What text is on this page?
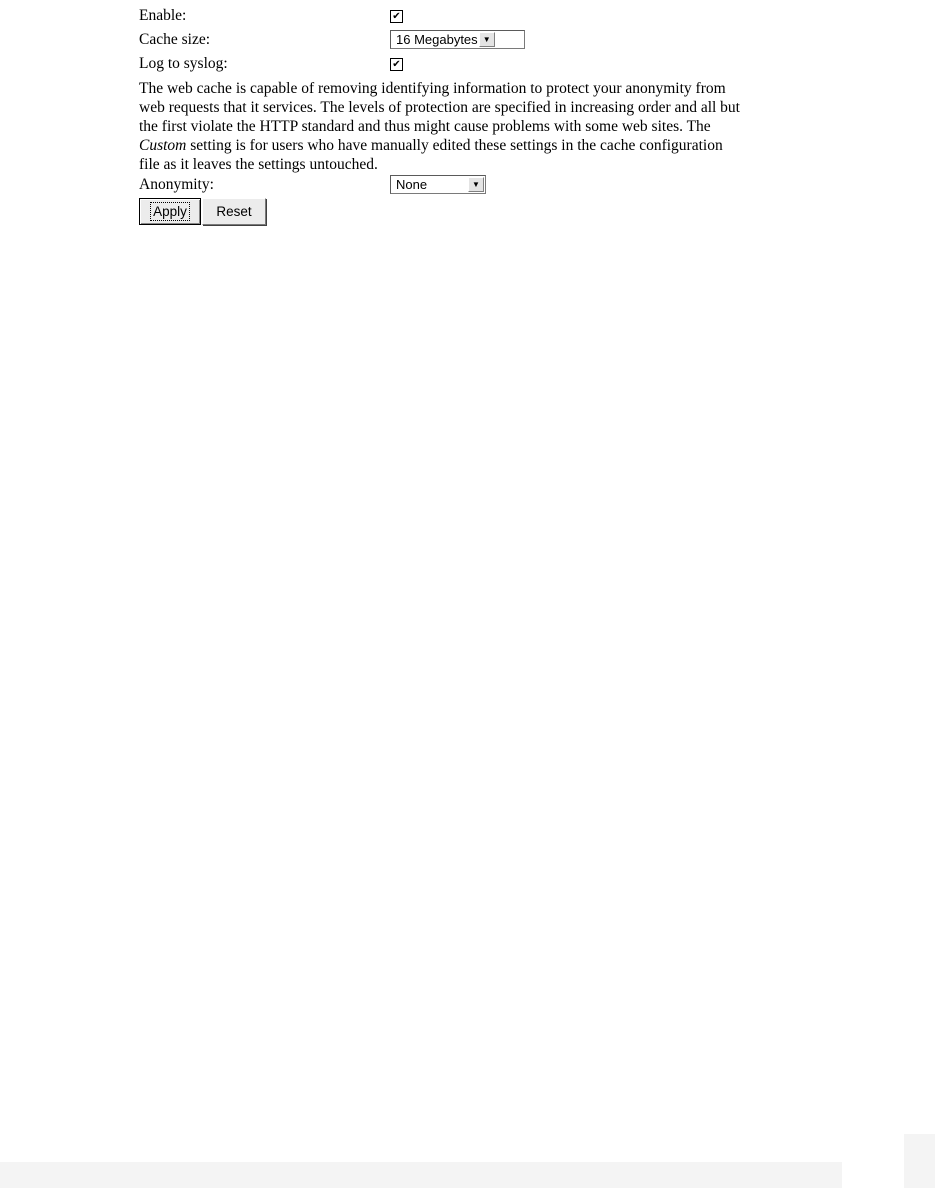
Enable:	✔
Cache size:	16 Megabytes ▼
Log to syslog:	✔

The web cache is capable of removing identifying information to protect your anonymity from web requests that it services. The levels of protection are specified in increasing order and all but the first violate the HTTP standard and thus might cause problems with some web sites. The Custom setting is for users who have manually edited these settings in the cache configuration file as it leaves the settings untouched.

Anonymity:	None	▼
Apply Reset
